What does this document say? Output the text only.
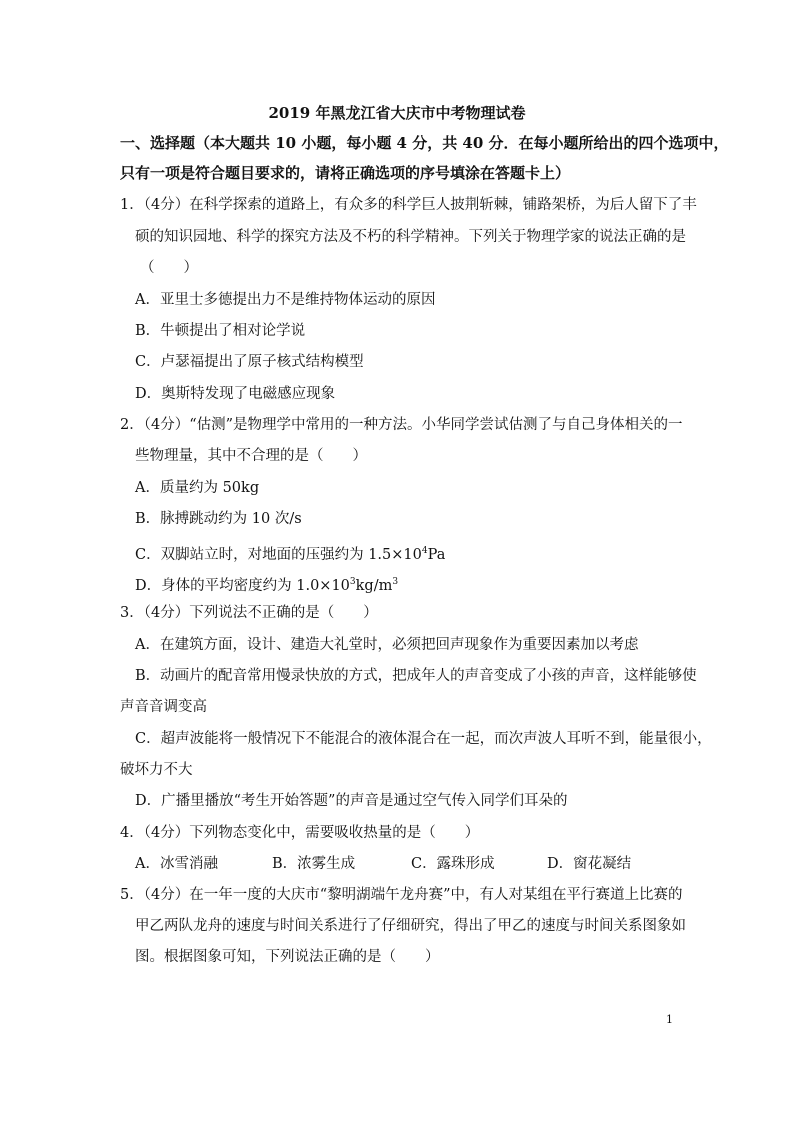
2019 年黑龙江省大庆市中考物理试卷
一、选择题（本大题共 10 小题，每小题 4 分，共 40 分．在每小题所给出的四个选项中，
只有一项是符合题目要求的，请将正确选项的序号填涂在答题卡上）
1．（4分）在科学探索的道路上，有众多的科学巨人披荆斩棘，铺路架桥，为后人留下了丰
硕的知识园地、科学的探究方法及不朽的科学精神。下列关于物理学家的说法正确的是
（　　）
A．亚里士多德提出力不是维持物体运动的原因
B．牛顿提出了相对论学说
C．卢瑟福提出了原子核式结构模型
D．奥斯特发现了电磁感应现象
2．（4分）“估测”是物理学中常用的一种方法。小华同学尝试估测了与自己身体相关的一
些物理量，其中不合理的是（　　）
A．质量约为 50kg
B．脉搏跳动约为 10 次/s
C．双脚站立时，对地面的压强约为 $1.5\times 10^4Pa$
D．身体的平均密度约为 $1.0\times 10^3kg/m^3$
3．（4分）下列说法不正确的是（　　）
A．在建筑方面，设计、建造大礼堂时，必须把回声现象作为重要因素加以考虑
B．动画片的配音常用慢录快放的方式，把成年人的声音变成了小孩的声音，这样能够使
声音音调变高
C．超声波能将一般情况下不能混合的液体混合在一起，而次声波人耳听不到，能量很小，
破坏力不大
D．广播里播放“考生开始答题”的声音是通过空气传入同学们耳朵的
4．（4分）下列物态变化中，需要吸收热量的是（　　）
A．冰雪消融	B．浓雾生成	C．露珠形成	D．窗花凝结
5．（4分）在一年一度的大庆市“黎明湖端午龙舟赛”中，有人对某组在平行赛道上比赛的
甲乙两队龙舟的速度与时间关系进行了仔细研究，得出了甲乙的速度与时间关系图象如
图。根据图象可知，下列说法正确的是（　　）
1
